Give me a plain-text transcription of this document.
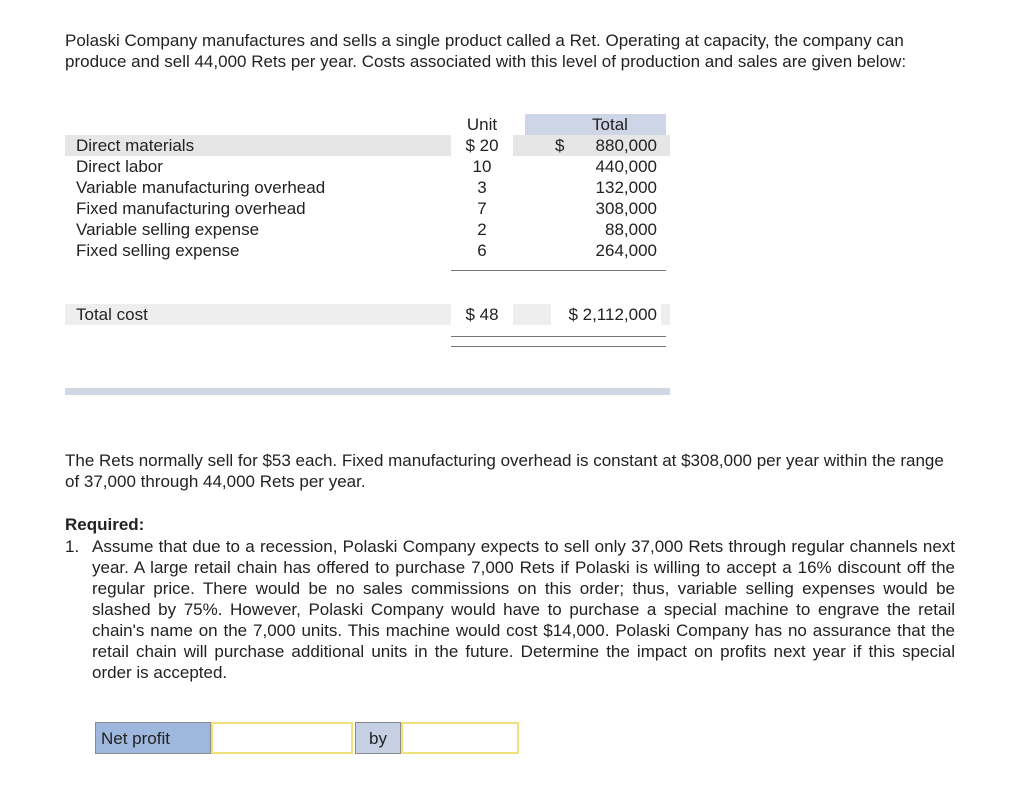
Polaski Company manufactures and sells a single product called a Ret. Operating at capacity, the company can produce and sell 44,000 Rets per year. Costs associated with this level of production and sales are given below:

Unit	Total
Direct materials	$ 20	$	880,000
Direct labor	10	440,000
Variable manufacturing overhead	3	132,000
Fixed manufacturing overhead	7	308,000
Variable selling expense	2	88,000
Fixed selling expense	6	264,000
Total cost	$ 48	$ 2,112,000

The Rets normally sell for $53 each. Fixed manufacturing overhead is constant at $308,000 per year within the range of 37,000 through 44,000 Rets per year.

Required:

1. Assume that due to a recession, Polaski Company expects to sell only 37,000 Rets through regular channels next year. A large retail chain has offered to purchase 7,000 Rets if Polaski is willing to accept a 16% discount off the regular price. There would be no sales commissions on this order; thus, variable selling expenses would be slashed by 75%. However, Polaski Company would have to purchase a special machine to engrave the retail chain's name on the 7,000 units. This machine would cost $14,000. Polaski Company has no assurance that the retail chain will purchase additional units in the future. Determine the impact on profits next year if this special order is accepted.
Net profit	by
